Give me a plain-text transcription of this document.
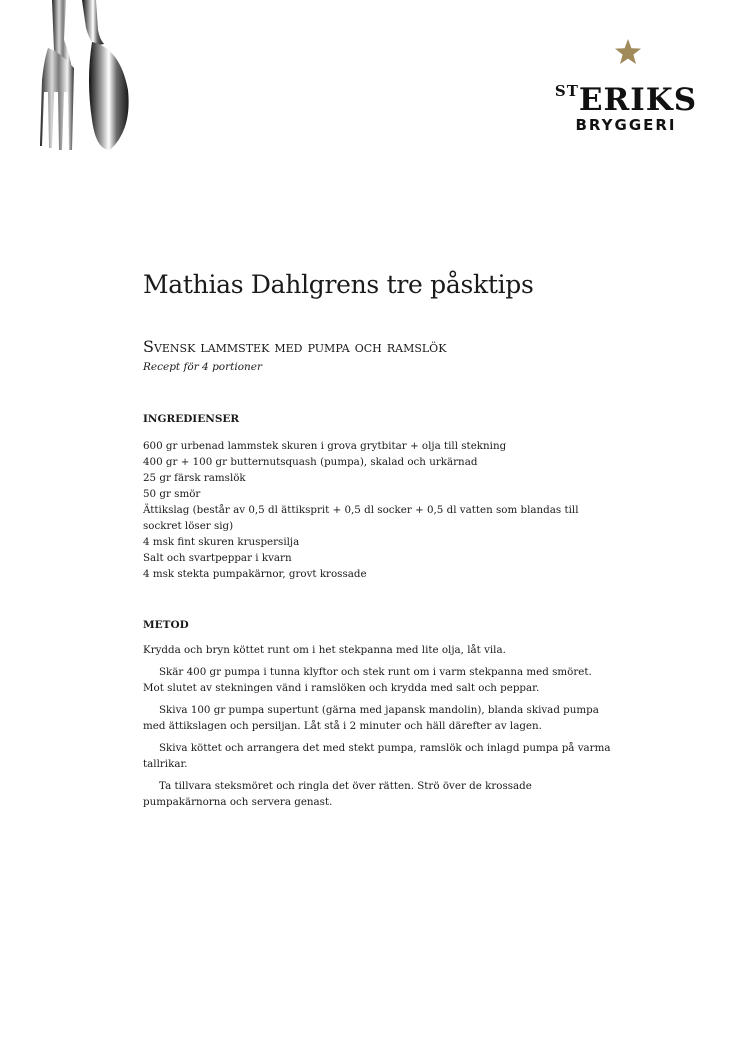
$^{ST}$ERIKS
BRYGGERI
Mathias Dahlgrens tre påsktips
Svensk lammstek med pumpa och ramslök
Recept för 4 portioner
INGREDIENSER
600 gr urbenad lammstek skuren i grova grytbitar + olja till stekning
400 gr + 100 gr butternutsquash (pumpa), skalad och urkärnad
25 gr färsk ramslök
50 gr smör
Ättikslag (består av 0,5 dl ättiksprit + 0,5 dl socker + 0,5 dl vatten som blandas till sockret löser sig)
4 msk fint skuren kruspersilja
Salt och svartpeppar i kvarn
4 msk stekta pumpakärnor, grovt krossade
METOD

Krydda och bryn köttet runt om i het stekpanna med lite olja, låt vila.

Skär 400 gr pumpa i tunna klyftor och stek runt om i varm stekpanna med smöret. Mot slutet av stekningen vänd i ramslöken och krydda med salt och peppar.

Skiva 100 gr pumpa supertunt (gärna med japansk mandolin), blanda skivad pumpa med ättikslagen och persiljan. Låt stå i 2 minuter och häll därefter av lagen.

Skiva köttet och arrangera det med stekt pumpa, ramslök och inlagd pumpa på varma tallrikar.

Ta tillvara steksmöret och ringla det över rätten. Strö över de krossade pumpakärnorna och servera genast.
